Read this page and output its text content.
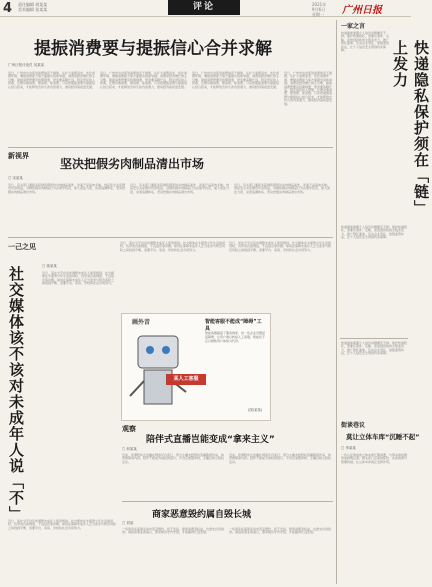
4 责任编辑 胡某某
美术编辑 张某某	评论	2021年
9月6日
星期一 广州日报
提振消费要与提振信心合并求解
广州日报评论员 吴某某
近日，广州市出台促进消费的若干措施，从扩大消费需求、优化消费环境、增强消费能力等方面提出具体举措。消费是经济增长的主引擎，提振消费既要有短期刺激，更需要着眼长远，稳定居民收入预期，让群众敢消费、愿消费、能消费。只有把提振消费与提振信心结合起来，才能释放出持久的内需潜力，推动经济高质量发展。
近日，广州市出台促进消费的若干措施，从扩大消费需求、优化消费环境、增强消费能力等方面提出具体举措。消费是经济增长的主引擎，提振消费既要有短期刺激，更需要着眼长远，稳定居民收入预期，让群众敢消费、愿消费、能消费。只有把提振消费与提振信心结合起来，才能释放出持久的内需潜力，推动经济高质量发展。
近日，广州市出台促进消费的若干措施，从扩大消费需求、优化消费环境、增强消费能力等方面提出具体举措。消费是经济增长的主引擎，提振消费既要有短期刺激，更需要着眼长远，稳定居民收入预期，让群众敢消费、愿消费、能消费。只有把提振消费与提振信心结合起来，才能释放出持久的内需潜力，推动经济高质量发展。
近日，广州市出台促进消费的若干措施，从扩大消费需求、优化消费环境、增强消费能力等方面提出具体举措。消费是经济增长的主引擎，提振消费既要有短期刺激，更需要着眼长远，稳定居民收入预期，让群众敢消费、愿消费、能消费。只有把提振消费与提振信心结合起来，才能释放出持久的内需潜力，推动经济高质量发展。
新视界
坚决把假劣肉制品清出市场
□ 宋某某
近日，有关部门通报多起制售假冒伪劣肉制品案件，涉案产品流向多地。食品安全关系群众切身利益，对制售假劣肉制品行为必须零容忍，加大查处力度，完善追溯体系，坚决把假劣肉制品清出市场。
近日，有关部门通报多起制售假冒伪劣肉制品案件，涉案产品流向多地。食品安全关系群众切身利益，对制售假劣肉制品行为必须零容忍，加大查处力度，完善追溯体系，坚决把假劣肉制品清出市场。
近日，有关部门通报多起制售假冒伪劣肉制品案件，涉案产品流向多地。食品安全关系群众切身利益，对制售假劣肉制品行为必须零容忍，加大查处力度，完善追溯体系，坚决把假劣肉制品清出市场。
一己之见
社交媒体该不该对未成年人说「不」	□ 蒋某某
近日，某社交平台宣布调整未成年人使用规则。社交媒体在丰富青少年生活的同时，也带来沉迷网络、不良信息等问题。如何在保障未成年人正当需求与防范风险之间找到平衡，需要平台、家庭、学校和社会共同努力。
近日，某社交平台宣布调整未成年人使用规则。社交媒体在丰富青少年生活的同时，也带来沉迷网络、不良信息等问题。如何在保障未成年人正当需求与防范风险之间找到平衡，需要平台、家庭、学校和社会共同努力。
近日，某社交平台宣布调整未成年人使用规则。社交媒体在丰富青少年生活的同时，也带来沉迷网络、不良信息等问题。如何在保障未成年人正当需求与防范风险之间找到平衡，需要平台、家庭、学校和社会共同努力。
近日，某社交平台宣布调整未成年人使用规则。社交媒体在丰富青少年生活的同时，也带来沉迷网络、不良信息等问题。如何在保障未成年人正当需求与防范风险之间找到平衡，需要平台、家庭、学校和社会共同努力。
画外音
某人工客服
智能客服不能成“障碍”工具
智能客服提高了服务效率，但一些企业设置层层障碍，让用户难以转接人工客服。智能化不应以牺牲用户体验为代价。
(图/某某)
观察
陪伴式直播岂能变成“拿来主义”
□ 何某某
近来，所谓陪伴式直播在网络平台流行，部分主播未经授权直播影视作品、体育赛事等内容。陪伴不能成为侵权的借口，平台应加强审核，主播应树立版权意识。
近来，所谓陪伴式直播在网络平台流行，部分主播未经授权直播影视作品、体育赛事等内容。陪伴不能成为侵权的借口，平台应加强审核，主播应树立版权意识。
商家恶意毁约属自毁长城
□ 刘某
一些商家在促销活动中恶意毁约、拒不发货，损害消费者权益，也透支自身信誉。诚信是商业的基石，商家唯有守约守信，才能赢得长远发展。
一些商家在促销活动中恶意毁约、拒不发货，损害消费者权益，也透支自身信誉。诚信是商业的基石，商家唯有守约守信，才能赢得长远发展。
一家之言
快递面单泄露个人信息问题屡见不鲜。保护快递隐私，需要从寄件、运输、派送到回收的全链条发力，推广隐私面单，压实企业责任，加强监管执法，让个人信息安全得到切实保障。	快递隐私保护须在「链」上发力
快递面单泄露个人信息问题屡见不鲜。保护快递隐私，需要从寄件、运输、派送到回收的全链条发力，推广隐私面单，压实企业责任，加强监管执法，让个人信息安全得到切实保障。
街谈巷议
莫让立体车库“沉睡不起”
□ 李某某
一些小区建成的立体车库长期闲置，与停车难问题形成鲜明反差。相关部门应查找症结，完善收费与管理机制，让立体车库真正发挥作用。
快递面单泄露个人信息问题屡见不鲜。保护快递隐私，需要从寄件、运输、派送到回收的全链条发力，推广隐私面单，压实企业责任，加强监管执法，让个人信息安全得到切实保障。
